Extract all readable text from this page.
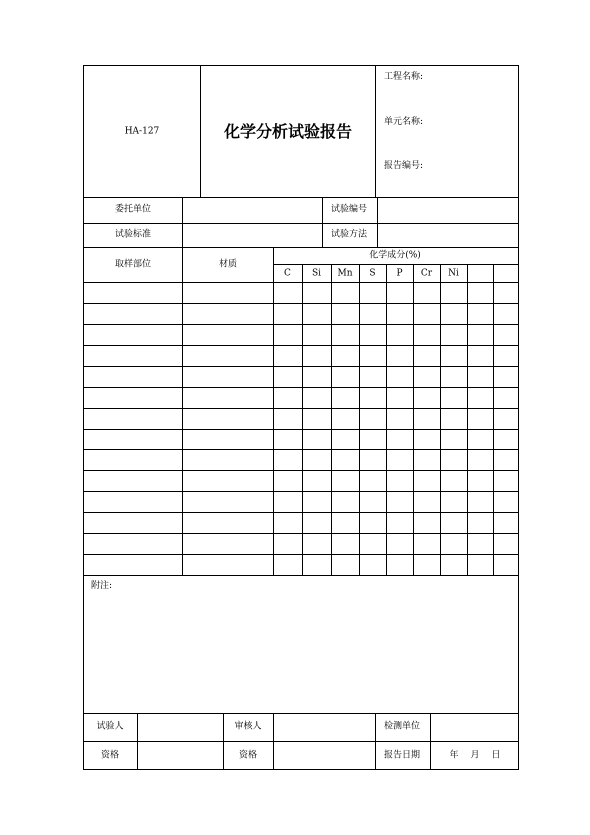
HA-127	化学分析试验报告
工程名称:
单元名称:
报告编号:
委托单位	试验编号
试验标准	试验方法
取样部位	材质
化学成分(%)
C Si Mn S P Cr Ni
附注:
试验人	审核人	检测单位
资格	资格	报告日期	年 月 日
